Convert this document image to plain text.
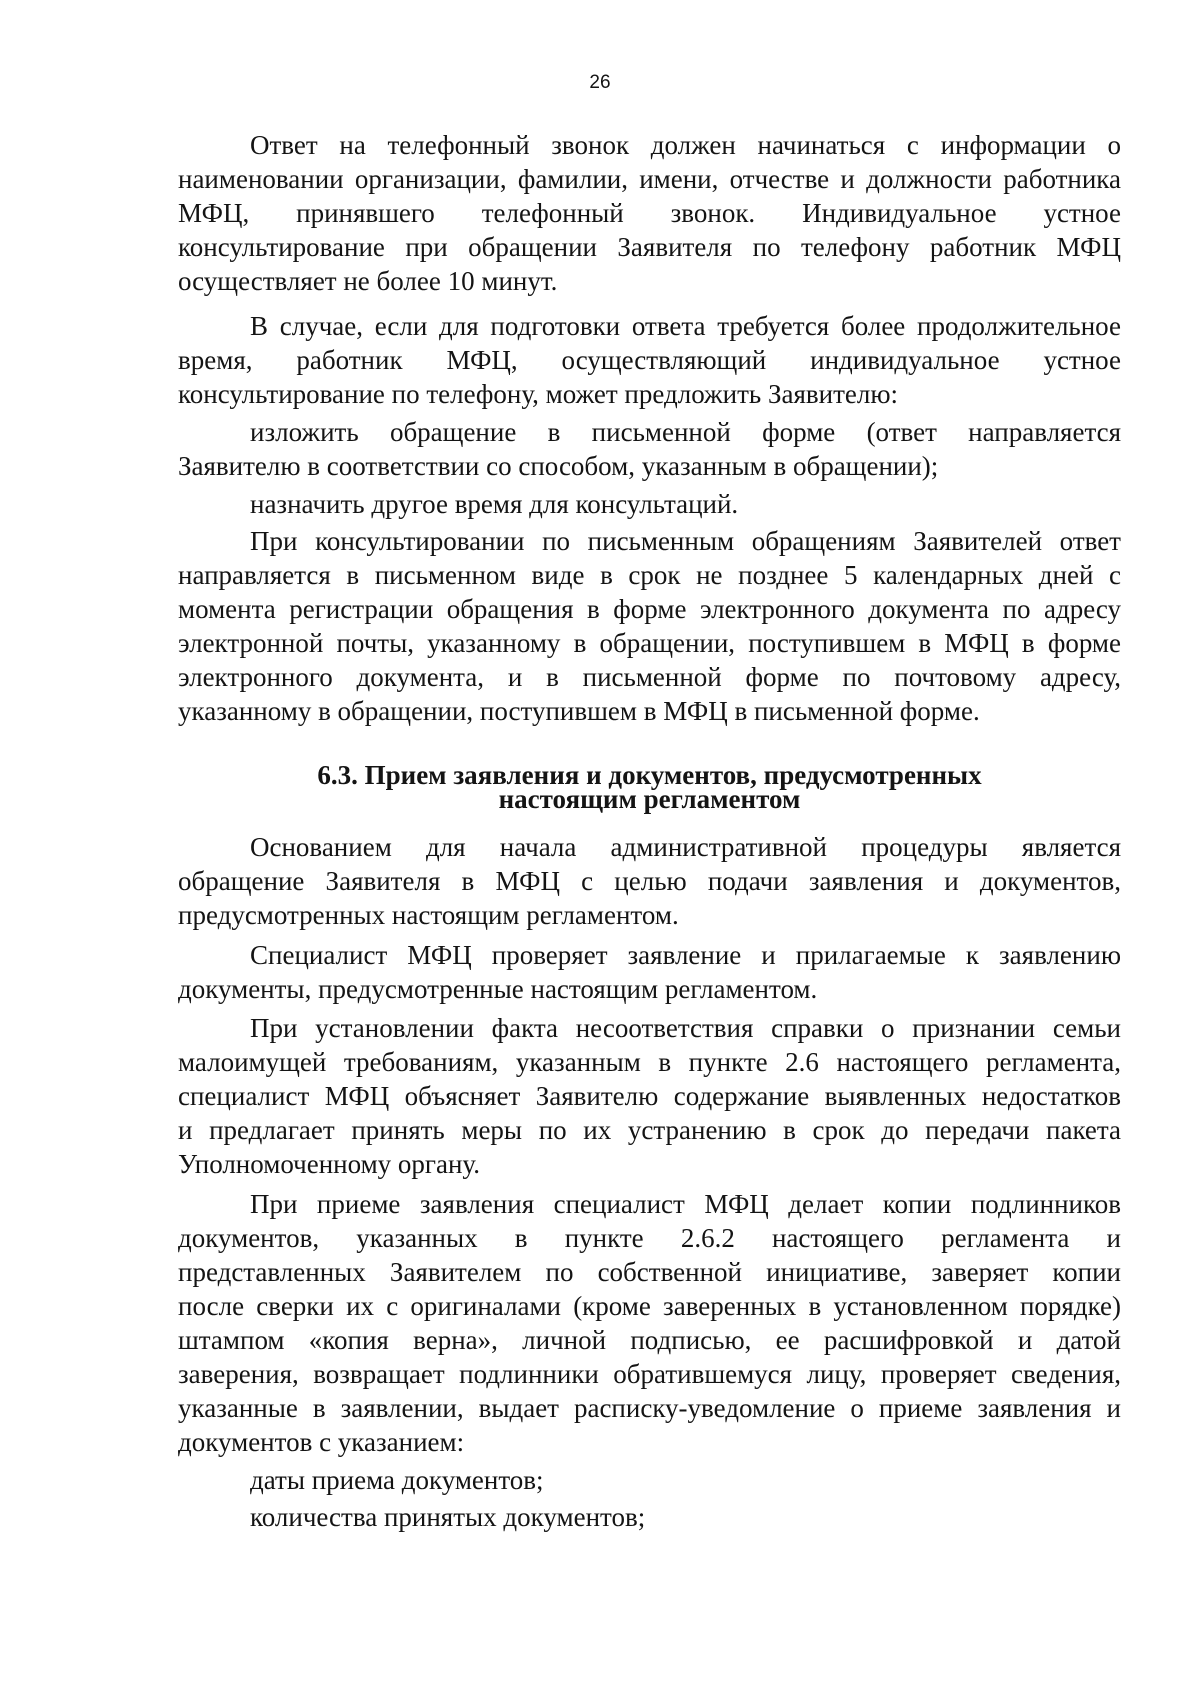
26
Ответ на телефонный звонок должен начинаться с информации о
наименовании организации, фамилии, имени, отчестве и должности работника
МФЦ, принявшего телефонный звонок. Индивидуальное устное
консультирование при обращении Заявителя по телефону работник МФЦ
осуществляет не более 10 минут.
В случае, если для подготовки ответа требуется более продолжительное
время, работник МФЦ, осуществляющий индивидуальное устное
консультирование по телефону, может предложить Заявителю:
изложить обращение в письменной форме (ответ направляется
Заявителю в соответствии со способом, указанным в обращении);
назначить другое время для консультаций.
При консультировании по письменным обращениям Заявителей ответ
направляется в письменном виде в срок не позднее 5 календарных дней с
момента регистрации обращения в форме электронного документа по адресу
электронной почты, указанному в обращении, поступившем в МФЦ в форме
электронного документа, и в письменной форме по почтовому адресу,
указанному в обращении, поступившем в МФЦ в письменной форме.
6.3. Прием заявления и документов, предусмотренных
настоящим регламентом
Основанием для начала административной процедуры является
обращение Заявителя в МФЦ с целью подачи заявления и документов,
предусмотренных настоящим регламентом.
Специалист МФЦ проверяет заявление и прилагаемые к заявлению
документы, предусмотренные настоящим регламентом.
При установлении факта несоответствия справки о признании семьи
малоимущей требованиям, указанным в пункте 2.6 настоящего регламента,
специалист МФЦ объясняет Заявителю содержание выявленных недостатков
и предлагает принять меры по их устранению в срок до передачи пакета
Уполномоченному органу.
При приеме заявления специалист МФЦ делает копии подлинников
документов, указанных в пункте 2.6.2 настоящего регламента и
представленных Заявителем по собственной инициативе, заверяет копии
после сверки их с оригиналами (кроме заверенных в установленном порядке)
штампом «копия верна», личной подписью, ее расшифровкой и датой
заверения, возвращает подлинники обратившемуся лицу, проверяет сведения,
указанные в заявлении, выдает расписку-уведомление о приеме заявления и
документов с указанием:
даты приема документов;
количества принятых документов;
